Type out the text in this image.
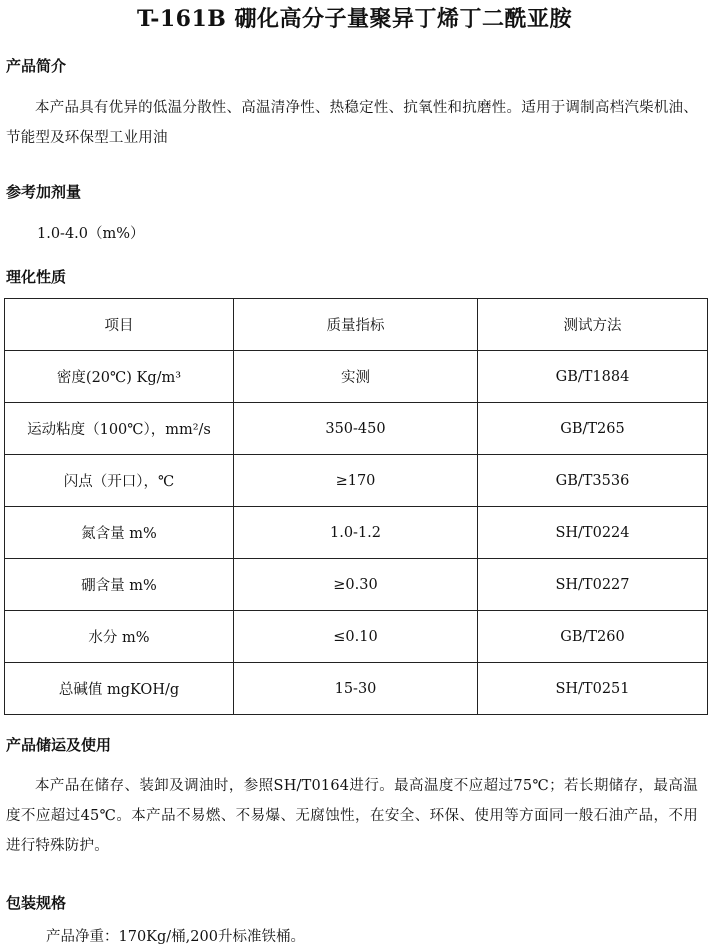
T-161B 硼化高分子量聚异丁烯丁二酰亚胺
产品简介
本产品具有优异的低温分散性、高温清净性、热稳定性、抗氧性和抗磨性。适用于调制高档汽柴机油、节能型及环保型工业用油
参考加剂量
1.0-4.0（m%）
理化性质
项目	质量指标	测试方法
密度(20℃) Kg/m³	实测	GB/T1884
运动粘度（100℃），mm²/s	350-450	GB/T265
闪点（开口），℃	≥170	GB/T3536
氮含量 m%	1.0-1.2	SH/T0224
硼含量 m%	≥0.30	SH/T0227
水分 m%	≤0.10	GB/T260
总碱值 mgKOH/g	15-30	SH/T0251
产品储运及使用
本产品在储存、装卸及调油时，参照SH/T0164进行。最高温度不应超过75℃；若长期储存，最高温度不应超过45℃。本产品不易燃、不易爆、无腐蚀性，在安全、环保、使用等方面同一般石油产品，不用进行特殊防护。
包装规格
产品净重：170Kg/桶,200升标准铁桶。
